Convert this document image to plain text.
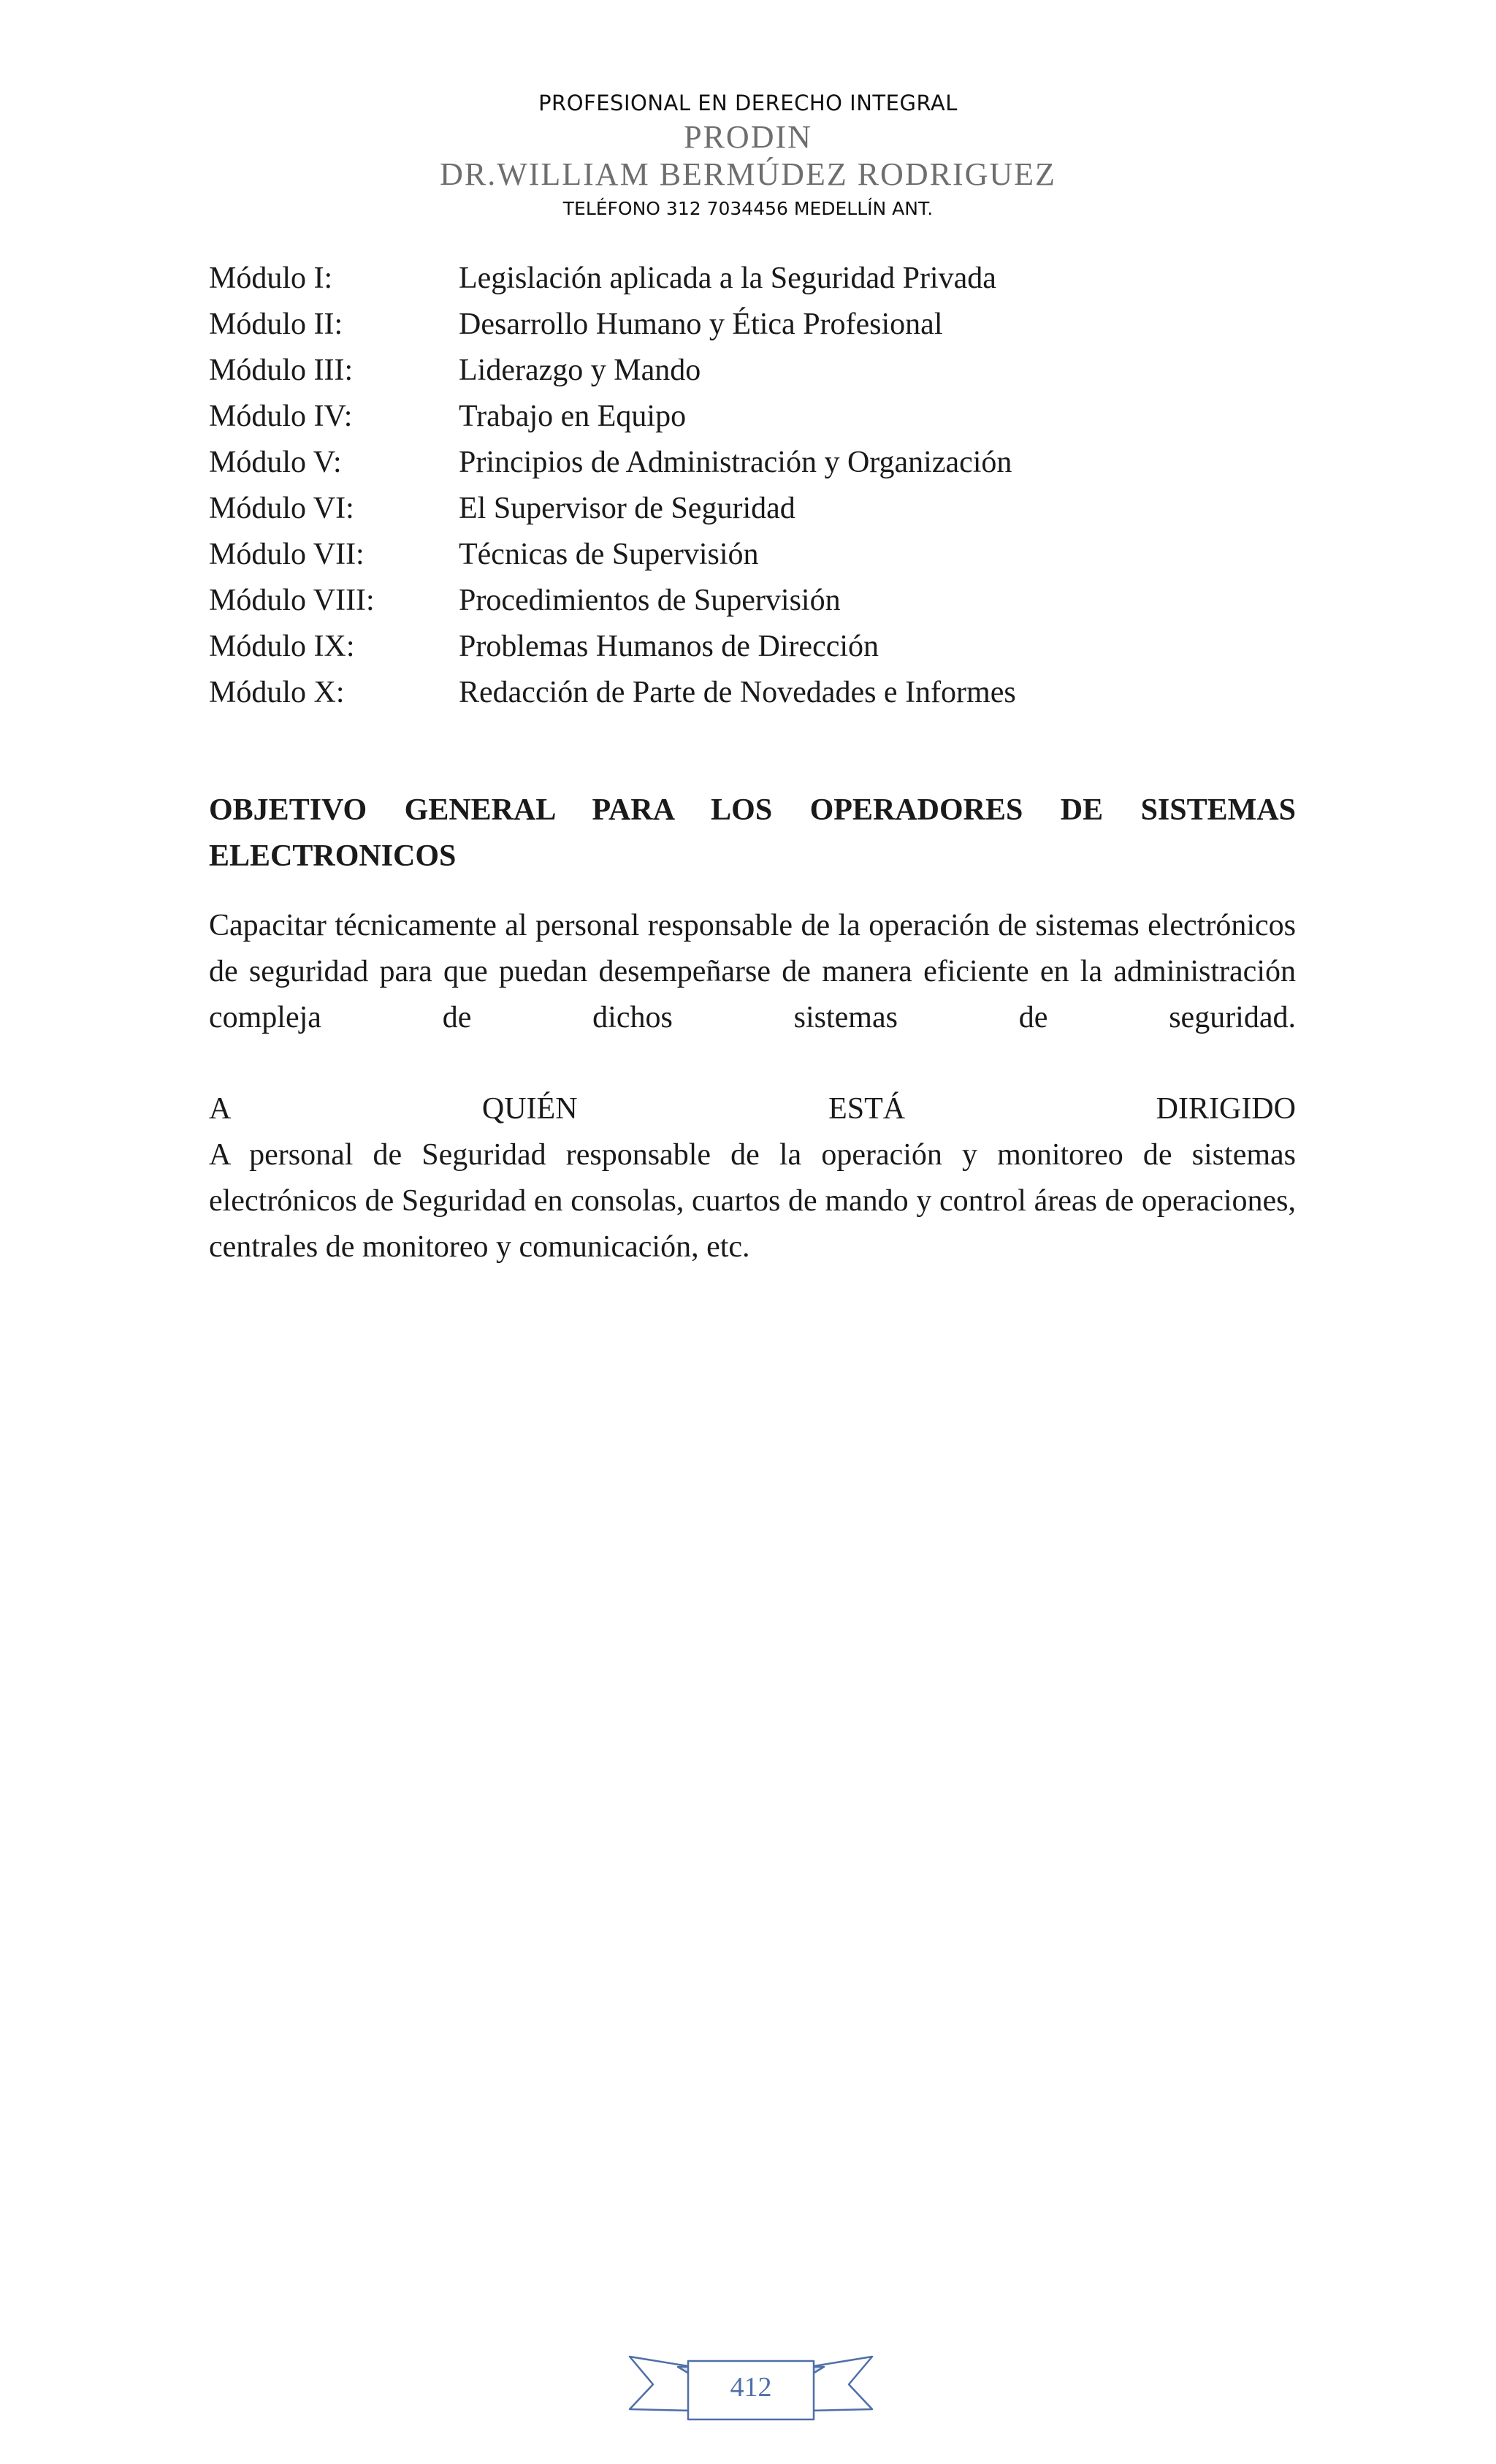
PROFESIONAL EN DERECHO INTEGRAL
PRODIN
DR.WILLIAM BERMÚDEZ RODRIGUEZ
TELÉFONO 312 7034456 MEDELLÍN ANT.
Módulo I:	Legislación aplicada a la Seguridad Privada
Módulo II:	Desarrollo Humano y Ética Profesional
Módulo III:	Liderazgo y Mando
Módulo IV:	Trabajo en Equipo
Módulo V:	Principios de Administración y Organización
Módulo VI:	El Supervisor de Seguridad
Módulo VII:	Técnicas de Supervisión
Módulo VIII:	Procedimientos de Supervisión
Módulo IX:	Problemas Humanos de Dirección
Módulo X:	Redacción de Parte de Novedades e Informes
OBJETIVO GENERAL PARA LOS OPERADORES DE SISTEMAS ELECTRONICOS
Capacitar técnicamente al personal responsable de la operación de sistemas electrónicos de seguridad para que puedan desempeñarse de manera eficiente en la administración compleja de dichos sistemas de seguridad.
A	QUIÉN	ESTÁ	DIRIGIDO
A personal de Seguridad responsable de la operación y monitoreo de sistemas electrónicos de Seguridad en consolas, cuartos de mando y control áreas de operaciones, centrales de monitoreo y comunicación, etc.
412
